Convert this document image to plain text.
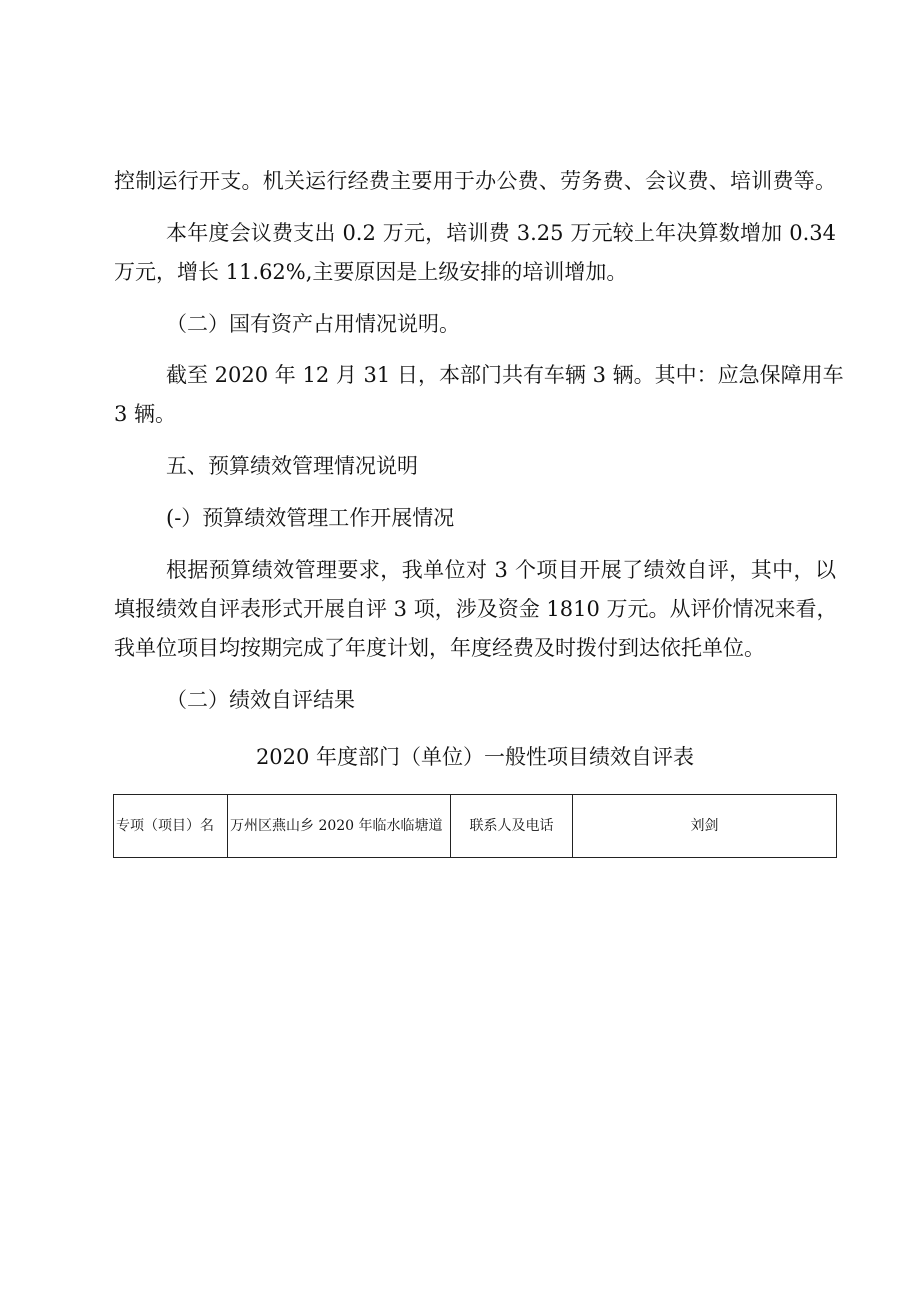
控制运行开支。机关运行经费主要用于办公费、劳务费、会议费、培训费等。
本年度会议费支出 0.2 万元，培训费 3.25 万元较上年决算数增加 0.34
万元，增长 11.62%,主要原因是上级安排的培训增加。
（二）国有资产占用情况说明。
截至 2020 年 12 月 31 日，本部门共有车辆 3 辆。其中：应急保障用车
3 辆。
五、预算绩效管理情况说明
(-）预算绩效管理工作开展情况
根据预算绩效管理要求，我单位对 3 个项目开展了绩效自评，其中，以
填报绩效自评表形式开展自评 3 项，涉及资金 1810 万元。从评价情况来看，
我单位项目均按期完成了年度计划，年度经费及时拨付到达依托单位。
（二）绩效自评结果
2020 年度部门（单位）一般性项目绩效自评表
专项（项目）名	万州区燕山乡 2020 年临水临塘道	联系人及电话	刘剑
